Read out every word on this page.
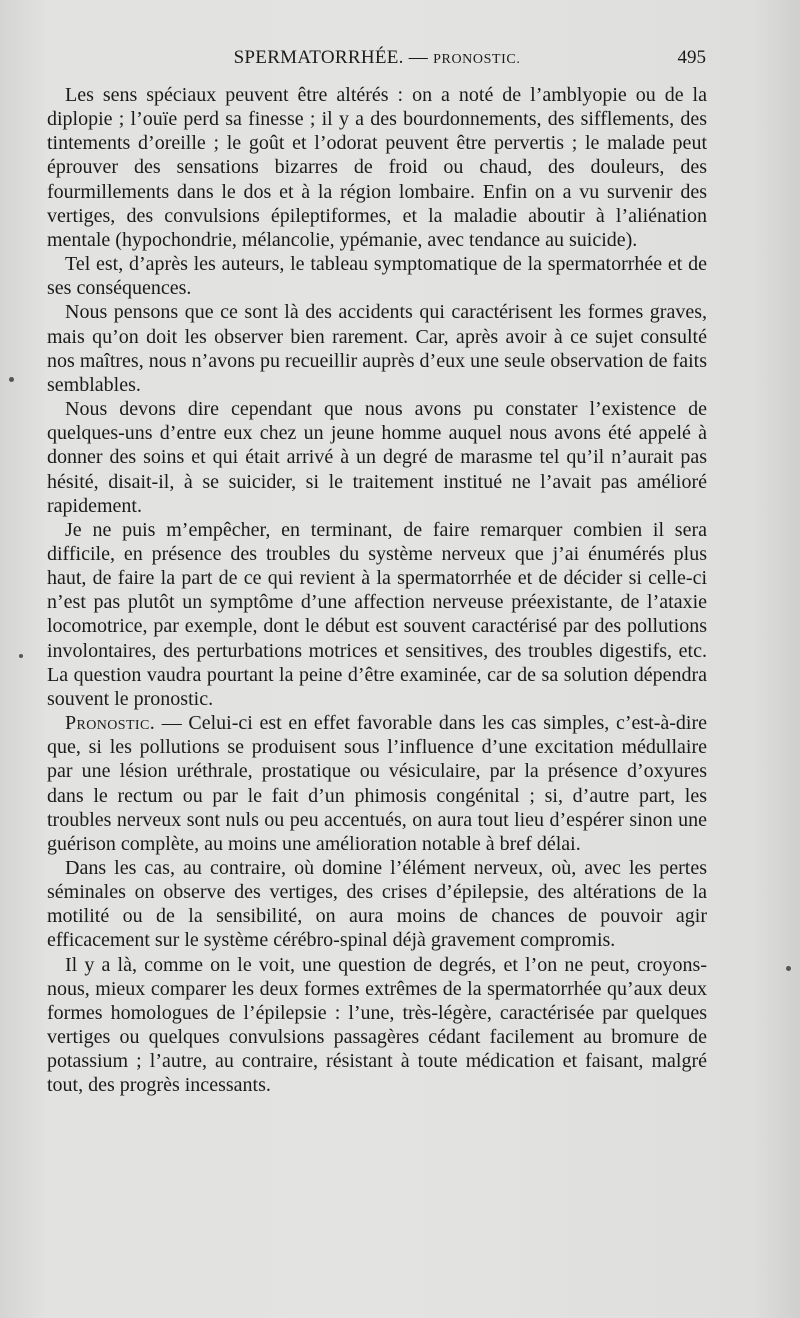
SPERMATORRHÉE. — PRONOSTIC.	495

Les sens spéciaux peuvent être altérés : on a noté de l’amblyopie ou de la diplopie ; l’ouïe perd sa finesse ; il y a des bourdonnements, des sifflements, des tintements d’oreille ; le goût et l’odorat peuvent être pervertis ; le malade peut éprouver des sensations bizarres de froid ou chaud, des douleurs, des fourmillements dans le dos et à la région lombaire. Enfin on a vu survenir des vertiges, des convulsions épileptiformes, et la maladie aboutir à l’aliénation mentale (hypochondrie, mélancolie, ypémanie, avec tendance au suicide).

Tel est, d’après les auteurs, le tableau symptomatique de la spermatorrhée et de ses conséquences.

Nous pensons que ce sont là des accidents qui caractérisent les formes graves, mais qu’on doit les observer bien rarement. Car, après avoir à ce sujet consulté nos maîtres, nous n’avons pu recueillir auprès d’eux une seule observation de faits semblables.

Nous devons dire cependant que nous avons pu constater l’existence de quelques-uns d’entre eux chez un jeune homme auquel nous avons été appelé à donner des soins et qui était arrivé à un degré de marasme tel qu’il n’aurait pas hésité, disait-il, à se suicider, si le traitement institué ne l’avait pas amélioré rapidement.

Je ne puis m’empêcher, en terminant, de faire remarquer combien il sera difficile, en présence des troubles du système nerveux que j’ai énumérés plus haut, de faire la part de ce qui revient à la spermatorrhée et de décider si celle-ci n’est pas plutôt un symptôme d’une affection nerveuse préexistante, de l’ataxie locomotrice, par exemple, dont le début est souvent caractérisé par des pollutions involontaires, des perturbations motrices et sensitives, des troubles digestifs, etc. La question vaudra pourtant la peine d’être examinée, car de sa solution dépendra souvent le pronostic.

Pronostic. — Celui-ci est en effet favorable dans les cas simples, c’est-à-dire que, si les pollutions se produisent sous l’influence d’une excitation médullaire par une lésion uréthrale, prostatique ou vésiculaire, par la présence d’oxyures dans le rectum ou par le fait d’un phimosis congénital ; si, d’autre part, les troubles nerveux sont nuls ou peu accentués, on aura tout lieu d’espérer sinon une guérison complète, au moins une amélioration notable à bref délai.

Dans les cas, au contraire, où domine l’élément nerveux, où, avec les pertes séminales on observe des vertiges, des crises d’épilepsie, des altérations de la motilité ou de la sensibilité, on aura moins de chances de pouvoir agir efficacement sur le système cérébro-spinal déjà gravement compromis.

Il y a là, comme on le voit, une question de degrés, et l’on ne peut, croyons-nous, mieux comparer les deux formes extrêmes de la spermatorrhée qu’aux deux formes homologues de l’épilepsie : l’une, très-légère, caractérisée par quelques vertiges ou quelques convulsions passagères cédant facilement au bromure de potassium ; l’autre, au contraire, résistant à toute médication et faisant, malgré tout, des progrès incessants.
